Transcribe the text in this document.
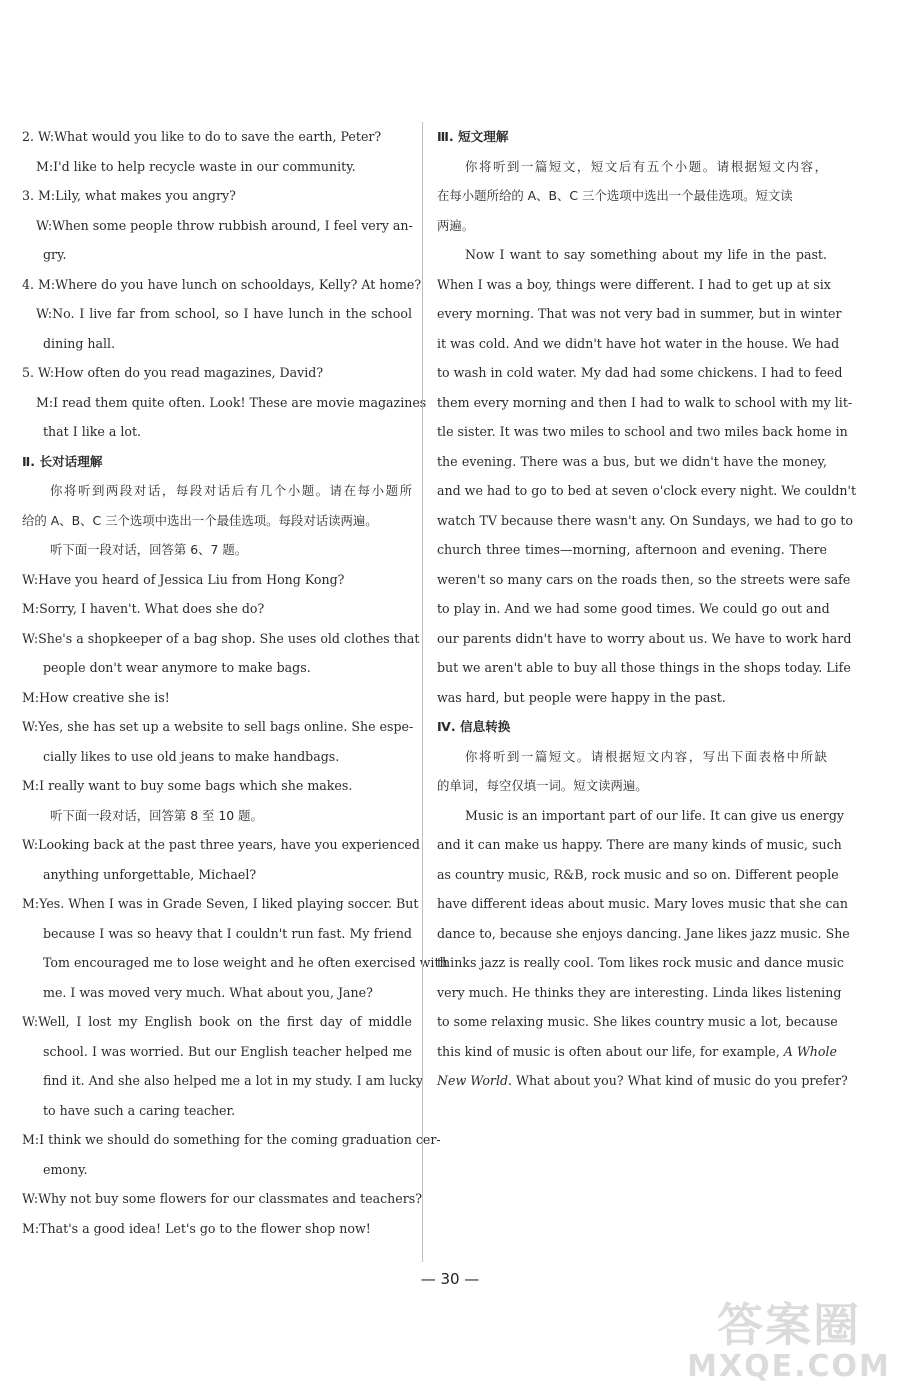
2. W:What would you like to do to save the earth, Peter?
M:I'd like to help recycle waste in our community.
3. M:Lily, what makes you angry?
W:When some people throw rubbish around, I feel very an-
gry.
4. M:Where do you have lunch on schooldays, Kelly? At home?
W:No. I live far from school, so I have lunch in the school
dining hall.
5. W:How often do you read magazines, David?
M:I read them quite often. Look! These are movie magazines
that I like a lot.
Ⅱ. 长对话理解
你将听到两段对话，每段对话后有几个小题。请在每小题所
给的 A、B、C 三个选项中选出一个最佳选项。每段对话读两遍。
听下面一段对话，回答第 6、7 题。
W:Have you heard of Jessica Liu from Hong Kong?
M:Sorry, I haven't. What does she do?
W:She's a shopkeeper of a bag shop. She uses old clothes that
people don't wear anymore to make bags.
M:How creative she is!
W:Yes, she has set up a website to sell bags online. She espe-
cially likes to use old jeans to make handbags.
M:I really want to buy some bags which she makes.
听下面一段对话，回答第 8 至 10 题。
W:Looking back at the past three years, have you experienced
anything unforgettable, Michael?
M:Yes. When I was in Grade Seven, I liked playing soccer. But
because I was so heavy that I couldn't run fast. My friend
Tom encouraged me to lose weight and he often exercised with
me. I was moved very much. What about you, Jane?
W:Well, I lost my English book on the first day of middle
school. I was worried. But our English teacher helped me
find it. And she also helped me a lot in my study. I am lucky
to have such a caring teacher.
M:I think we should do something for the coming graduation cer-
emony.
W:Why not buy some flowers for our classmates and teachers?
M:That's a good idea! Let's go to the flower shop now!
Ⅲ. 短文理解
你将听到一篇短文，短文后有五个小题。请根据短文内容，
在每小题所给的 A、B、C 三个选项中选出一个最佳选项。短文读
两遍。
Now I want to say something about my life in the past.
When I was a boy, things were different. I had to get up at six
every morning. That was not very bad in summer, but in winter
it was cold. And we didn't have hot water in the house. We had
to wash in cold water. My dad had some chickens. I had to feed
them every morning and then I had to walk to school with my lit-
tle sister. It was two miles to school and two miles back home in
the evening. There was a bus, but we didn't have the money,
and we had to go to bed at seven o'clock every night. We couldn't
watch TV because there wasn't any. On Sundays, we had to go to
church three times—morning, afternoon and evening. There
weren't so many cars on the roads then, so the streets were safe
to play in. And we had some good times. We could go out and
our parents didn't have to worry about us. We have to work hard
but we aren't able to buy all those things in the shops today. Life
was hard, but people were happy in the past.
Ⅳ. 信息转换
你将听到一篇短文。请根据短文内容，写出下面表格中所缺
的单词，每空仅填一词。短文读两遍。
Music is an important part of our life. It can give us energy
and it can make us happy. There are many kinds of music, such
as country music, R&B, rock music and so on. Different people
have different ideas about music. Mary loves music that she can
dance to, because she enjoys dancing. Jane likes jazz music. She
thinks jazz is really cool. Tom likes rock music and dance music
very much. He thinks they are interesting. Linda likes listening
to some relaxing music. She likes country music a lot, because
this kind of music is often about our life, for example, A Whole
New World. What about you? What kind of music do you prefer?
— 30 —
答案圈
MXQE.COM
